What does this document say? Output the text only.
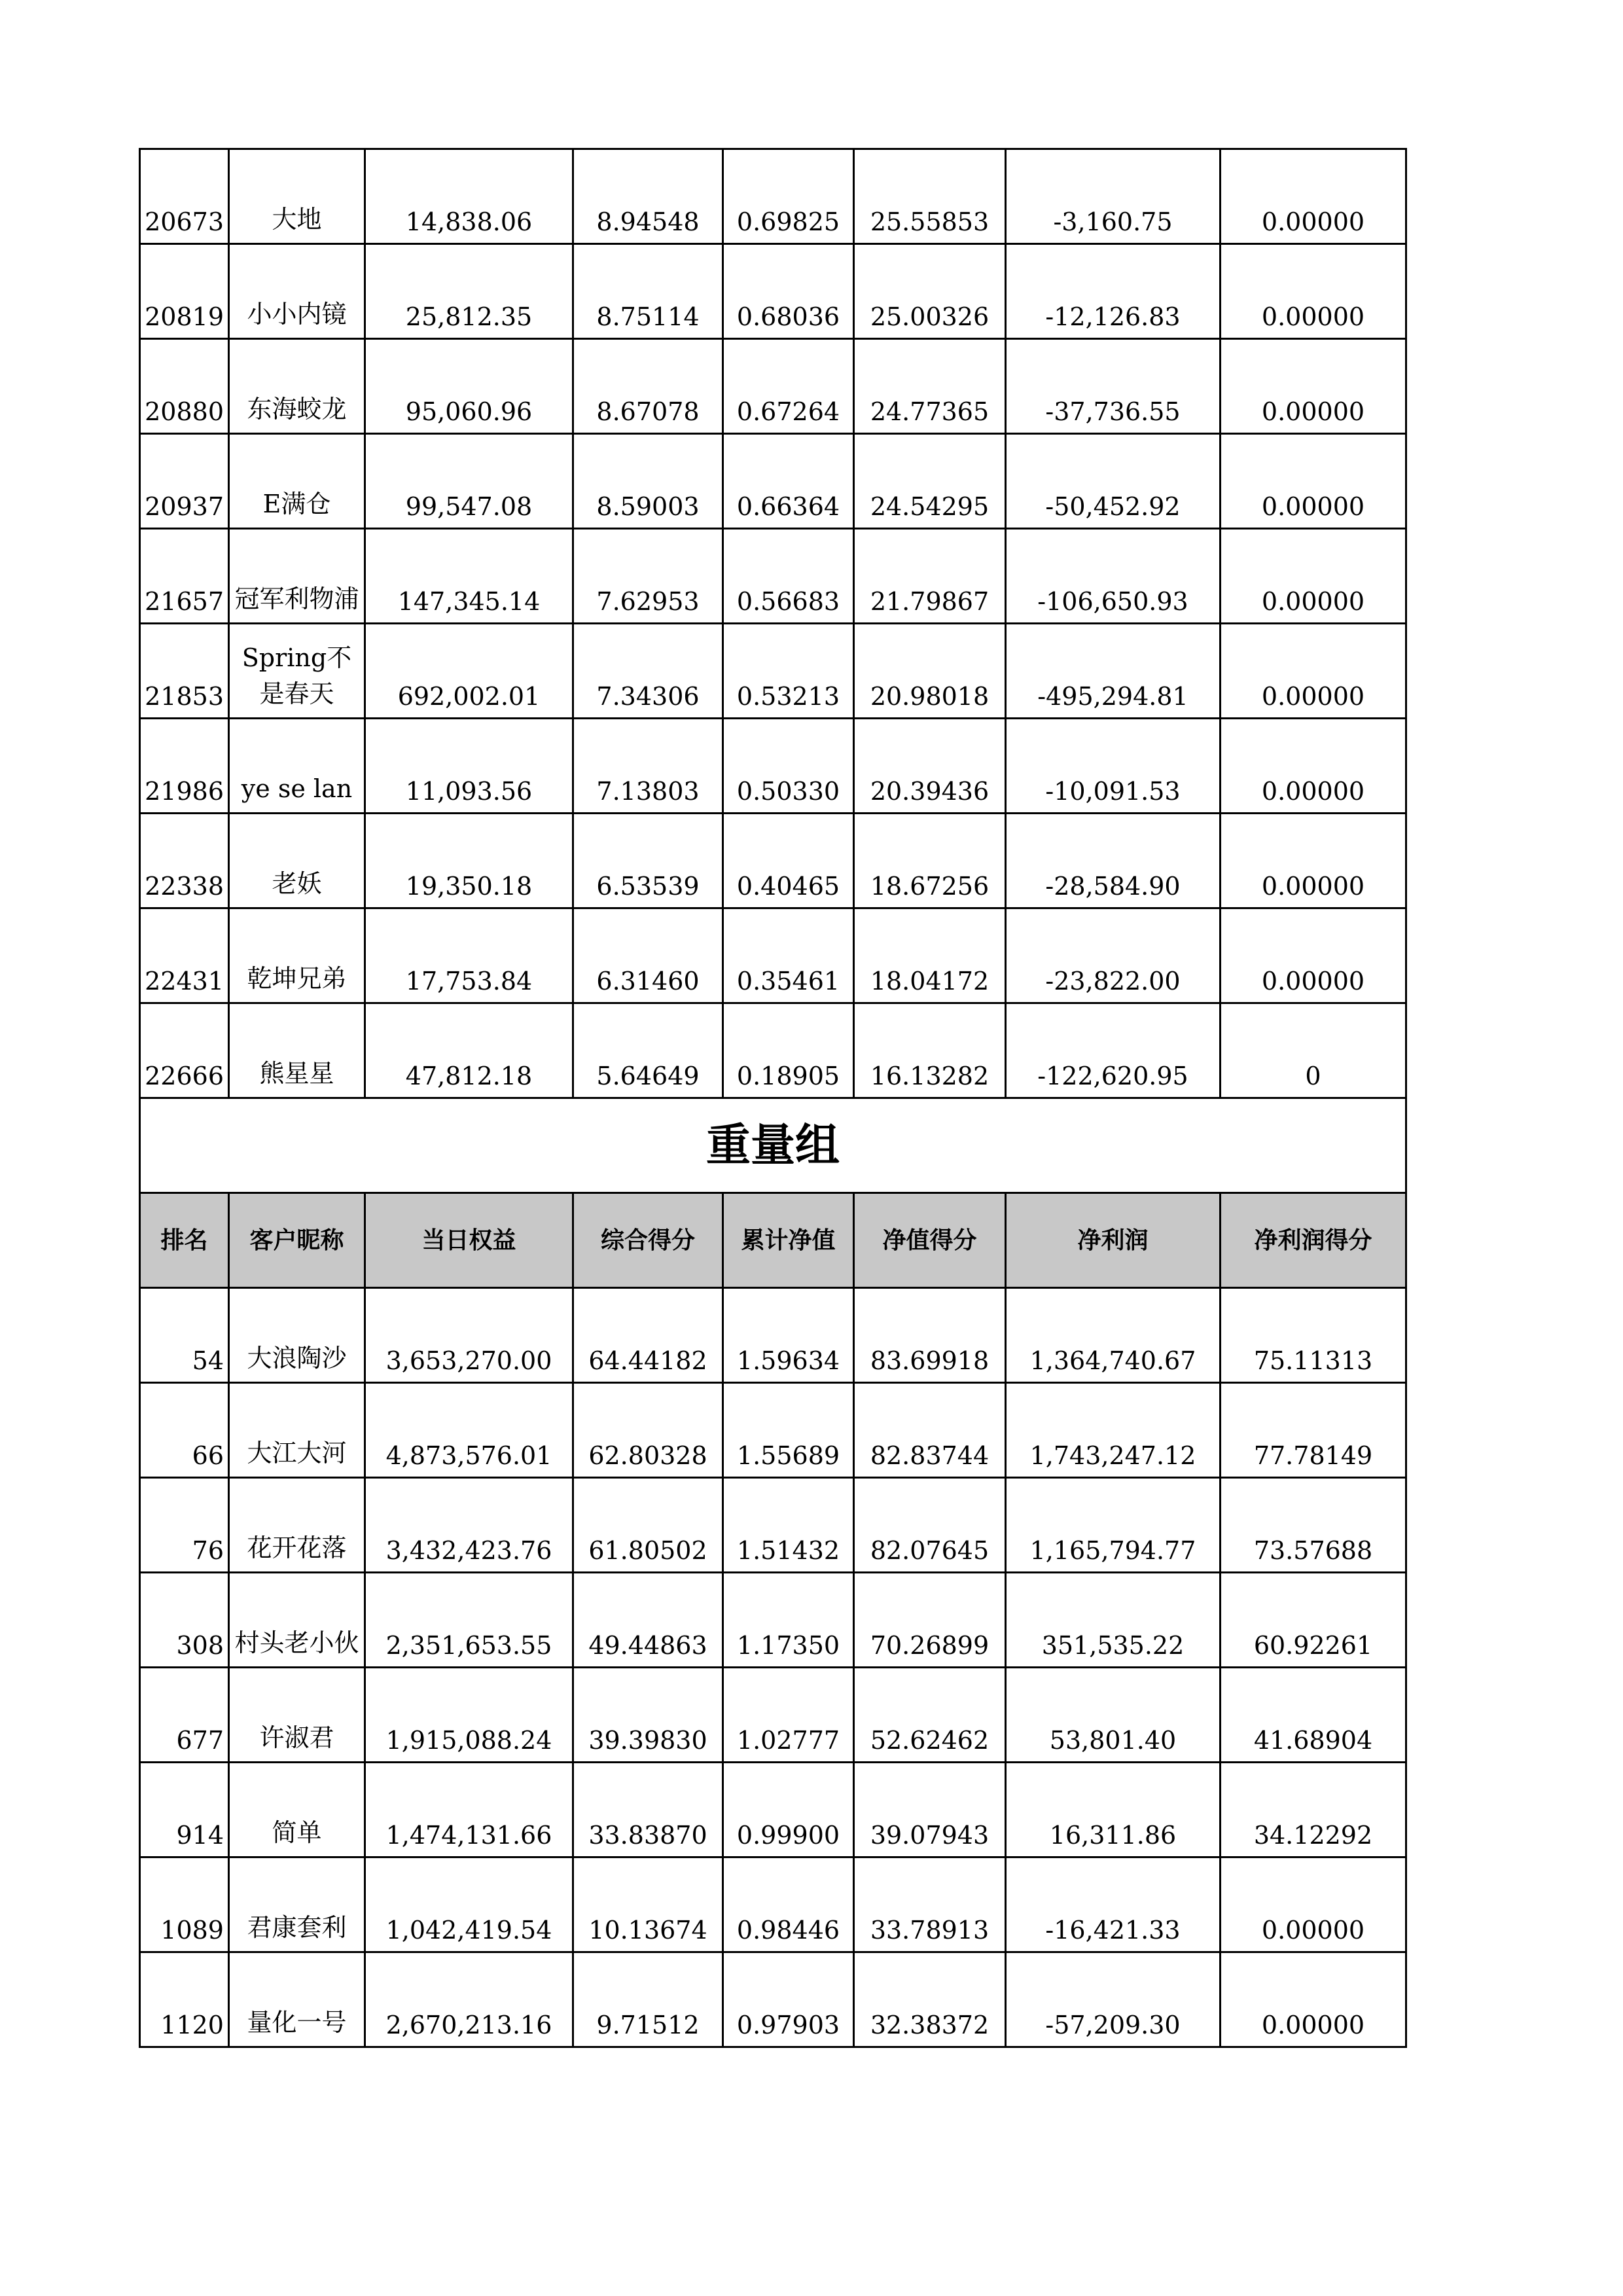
20673	大地	14,838.06	8.94548	0.69825	25.55853	-3,160.75	0.00000
20819	小小内镜	25,812.35	8.75114	0.68036	25.00326	-12,126.83	0.00000
20880	东海蛟龙	95,060.96	8.67078	0.67264	24.77365	-37,736.55	0.00000
20937	E满仓	99,547.08	8.59003	0.66364	24.54295	-50,452.92	0.00000
21657	冠军利物浦	147,345.14	7.62953	0.56683	21.79867	-106,650.93	0.00000
21853	Spring不是春天	692,002.01	7.34306	0.53213	20.98018	-495,294.81	0.00000
21986	ye se lan	11,093.56	7.13803	0.50330	20.39436	-10,091.53	0.00000
22338	老妖	19,350.18	6.53539	0.40465	18.67256	-28,584.90	0.00000
22431	乾坤兄弟	17,753.84	6.31460	0.35461	18.04172	-23,822.00	0.00000
22666	熊星星	47,812.18	5.64649	0.18905	16.13282	-122,620.95	0
重量组							
排名	客户昵称	当日权益	综合得分	累计净值	净值得分	净利润	净利润得分
54	大浪陶沙	3,653,270.00	64.44182	1.59634	83.69918	1,364,740.67	75.11313
66	大江大河	4,873,576.01	62.80328	1.55689	82.83744	1,743,247.12	77.78149
76	花开花落	3,432,423.76	61.80502	1.51432	82.07645	1,165,794.77	73.57688
308	村头老小伙	2,351,653.55	49.44863	1.17350	70.26899	351,535.22	60.92261
677	许淑君	1,915,088.24	39.39830	1.02777	52.62462	53,801.40	41.68904
914	简单	1,474,131.66	33.83870	0.99900	39.07943	16,311.86	34.12292
1089	君康套利	1,042,419.54	10.13674	0.98446	33.78913	-16,421.33	0.00000
1120	量化一号	2,670,213.16	9.71512	0.97903	32.38372	-57,209.30	0.00000
